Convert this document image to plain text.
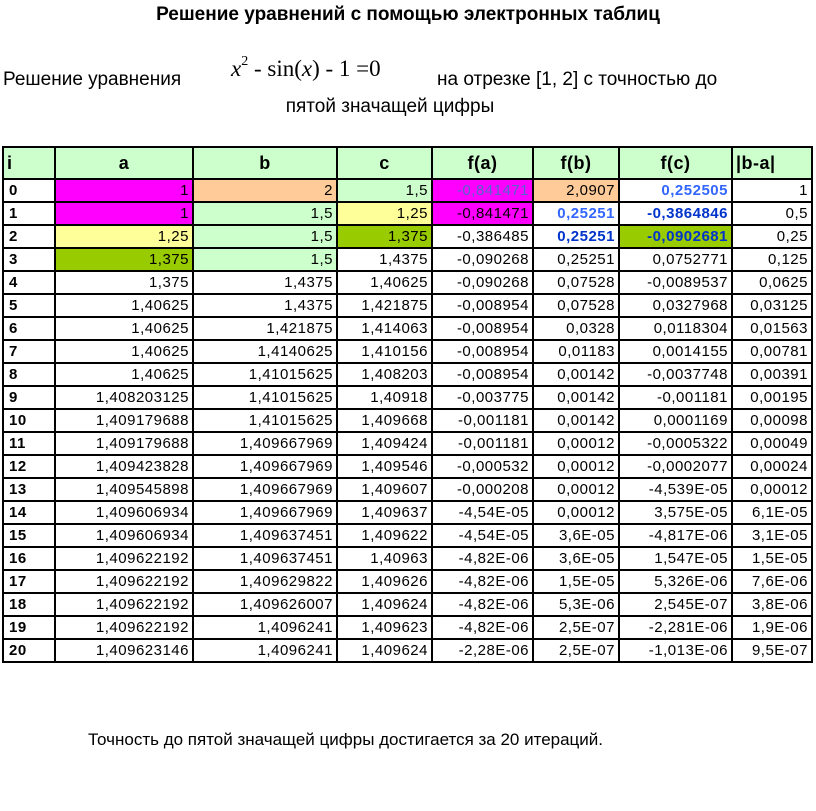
Решение уравнений с помощью электронных таблиц
Решение уравнения $x^2 - \sin(x) - 1 =0$	на отрезке [1, 2] с точностью до
пятой значащей цифры
i	a	b	c	f(a)	f(b)	f(c)	|b-a|
0	1	2	1,5	-0,841471	2,0907	0,252505	1
1	1	1,5	1,25	-0,841471	0,25251	-0,3864846	0,5
2	1,25	1,5	1,375	-0,386485	0,25251	-0,0902681	0,25
3	1,375	1,5	1,4375	-0,090268	0,25251	0,0752771	0,125
4	1,375	1,4375	1,40625	-0,090268	0,07528	-0,0089537	0,0625
5	1,40625	1,4375	1,421875	-0,008954	0,07528	0,0327968	0,03125
6	1,40625	1,421875	1,414063	-0,008954	0,0328	0,0118304	0,01563
7	1,40625	1,4140625	1,410156	-0,008954	0,01183	0,0014155	0,00781
8	1,40625	1,41015625	1,408203	-0,008954	0,00142	-0,0037748	0,00391
9	1,408203125	1,41015625	1,40918	-0,003775	0,00142	-0,001181	0,00195
10	1,409179688	1,41015625	1,409668	-0,001181	0,00142	0,0001169	0,00098
11	1,409179688	1,409667969	1,409424	-0,001181	0,00012	-0,0005322	0,00049
12	1,409423828	1,409667969	1,409546	-0,000532	0,00012	-0,0002077	0,00024
13	1,409545898	1,409667969	1,409607	-0,000208	0,00012	-4,539E-05	0,00012
14	1,409606934	1,409667969	1,409637	-4,54E-05	0,00012	3,575E-05	6,1E-05
15	1,409606934	1,409637451	1,409622	-4,54E-05	3,6E-05	-4,817E-06	3,1E-05
16	1,409622192	1,409637451	1,40963	-4,82E-06	3,6E-05	1,547E-05	1,5E-05
17	1,409622192	1,409629822	1,409626	-4,82E-06	1,5E-05	5,326E-06	7,6E-06
18	1,409622192	1,409626007	1,409624	-4,82E-06	5,3E-06	2,545E-07	3,8E-06
19	1,409622192	1,4096241	1,409623	-4,82E-06	2,5E-07	-2,281E-06	1,9E-06
20	1,409623146	1,4096241	1,409624	-2,28E-06	2,5E-07	-1,013E-06	9,5E-07
Точность до пятой значащей цифры достигается за 20 итераций.
